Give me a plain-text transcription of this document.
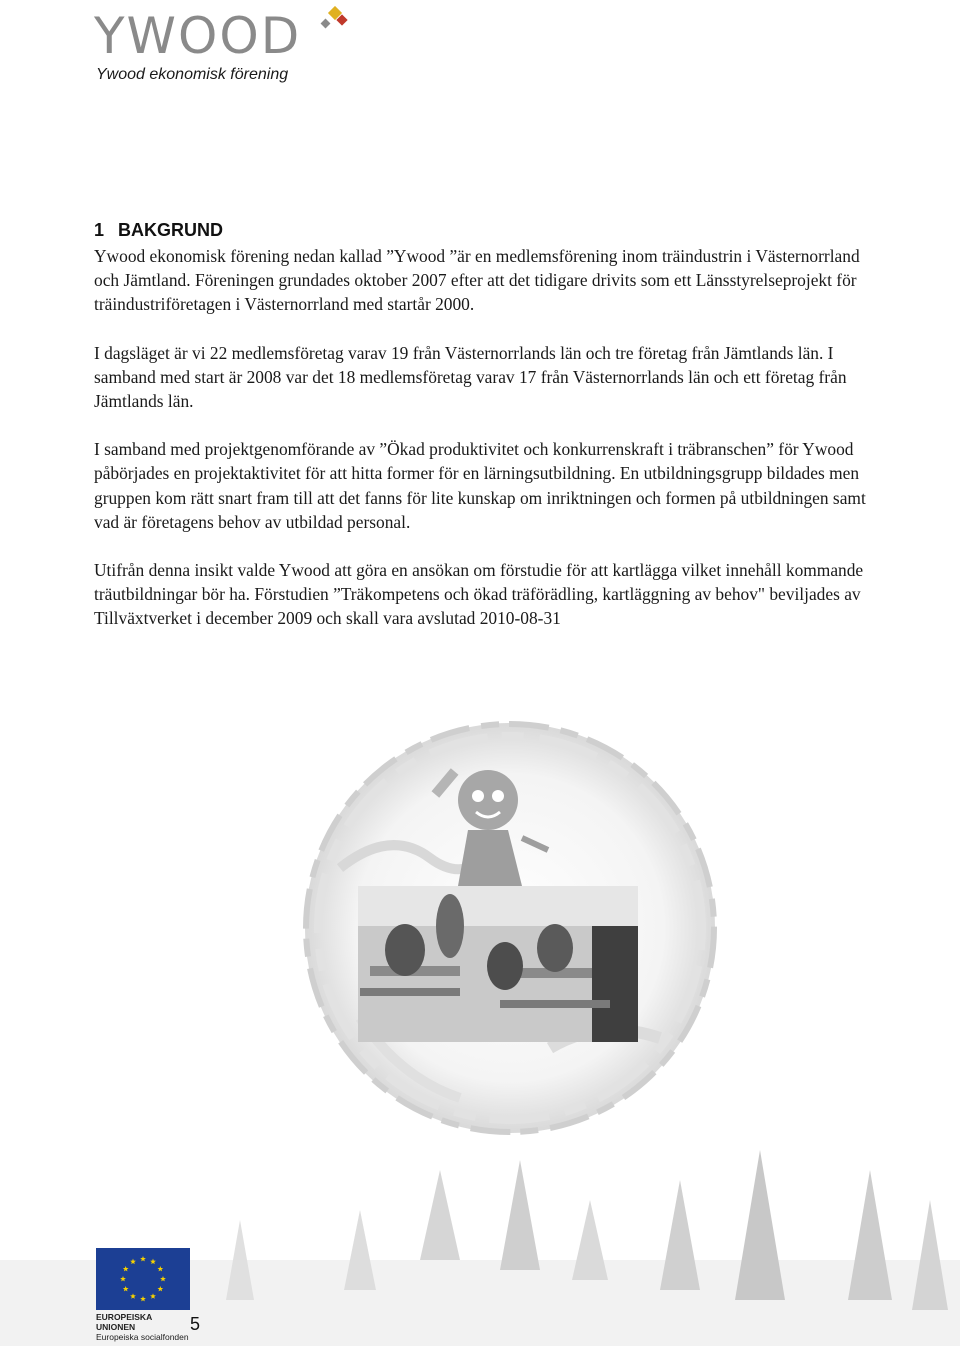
YWOOD
Ywood ekonomisk förening
1 BAKGRUND

Ywood ekonomisk förening nedan kallad ”Ywood ”är en medlemsförening inom träindustrin i Västernorrland och Jämtland. Föreningen grundades oktober 2007 efter att det tidigare drivits som ett Länsstyrelseprojekt för träindustriföretagen i Västernorrland med startår 2000.

I dagsläget är vi 22 medlemsföretag varav 19 från Västernorrlands län och tre företag från Jämtlands län. I samband med start är 2008 var det 18 medlemsföretag varav 17 från Västernorrlands län och ett företag från Jämtlands län.

I samband med projektgenomförande av ”Ökad produktivitet och konkurrenskraft i träbranschen” för Ywood påbörjades en projektaktivitet för att hitta former för en lärningsutbildning. En utbildningsgrupp bildades men gruppen kom rätt snart fram till att det fanns för lite kunskap om inriktningen och formen på utbildningen samt vad är företagens behov av utbildad personal.

Utifrån denna insikt valde Ywood att göra en ansökan om förstudie för att kartlägga vilket innehåll kommande träutbildningar bör ha. Förstudien ”Träkompetens och ökad träförädling, kartläggning av behov" beviljades av Tillväxtverket i december 2009 och skall vara avslutad 2010-08-31

EUROPEISKA UNIONEN
Europeiska socialfonden
5
